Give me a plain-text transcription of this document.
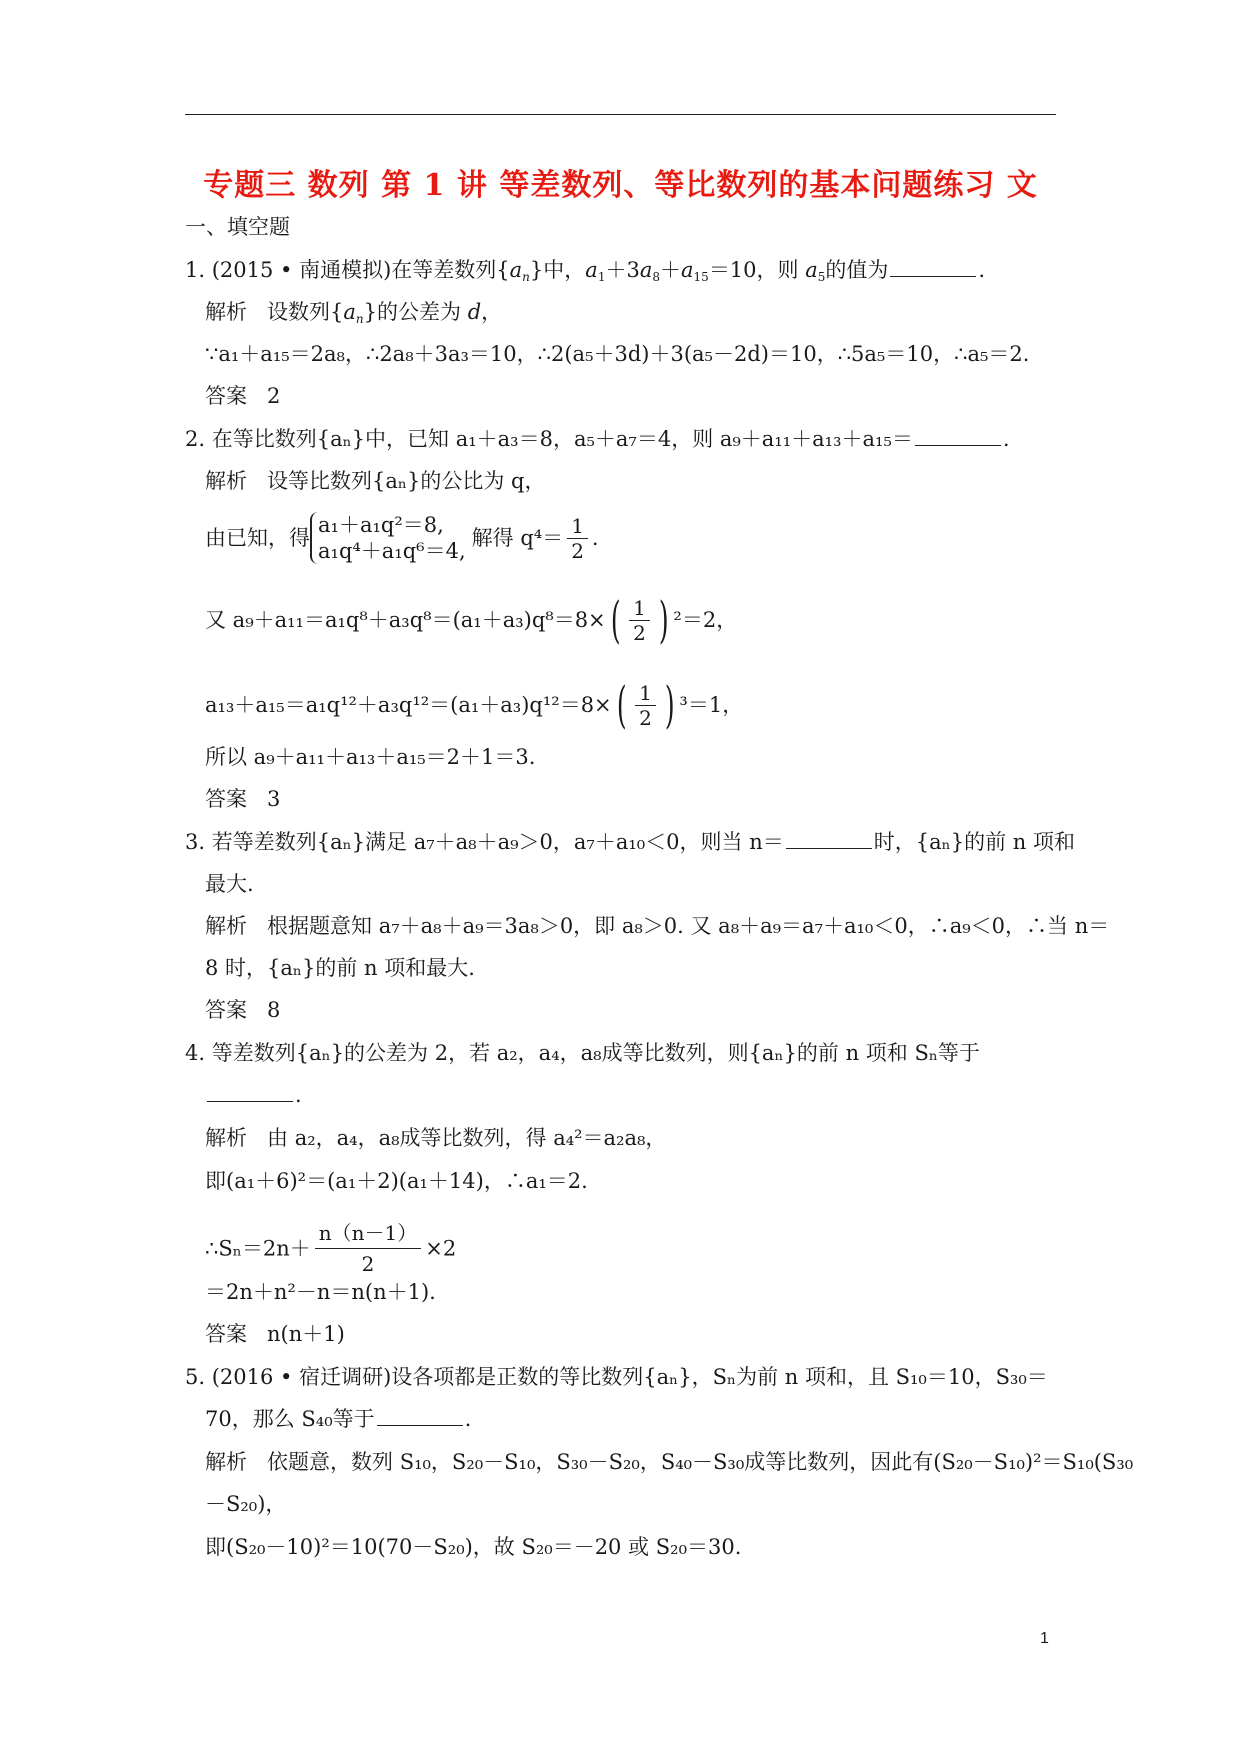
专题三 数列 第 1 讲 等差数列、等比数列的基本问题练习 文
一、填空题
1. (2015 • 南通模拟)在等差数列$\{a_n\}$中，$a_1+3a_8+a_{15}=10$，则 $a_5$的值为	.
解析   设数列$\{a_n\}$的公差为 d，
∵a₁＋a₁₅＝2a₈，∴2a₈＋3a₃＝10，∴2(a₅＋3d)＋3(a₅－2d)＝10，∴5a₅＝10，∴a₅＝2.
答案 2
2. 在等比数列{aₙ}中，已知 a₁＋a₃＝8，a₅＋a₇＝4，则 a₉＋a₁₁＋a₁₃＋a₁₅＝	.
解析 设等比数列{aₙ}的公比为 q，
由已知，得a₁＋a₁q²＝8,
a₁q⁴＋a₁q⁶＝4,解得 $q^4= \frac{1}{2}$ .
又 $a_9+a_{11}=a_1q^8+a_3q^8=(a_1+a_3)q^8=8\times( \frac{1}{2}$ ) ²＝2，
$a_{13}+a_{15}=a_1q^{12}+a_3q^{12}=(a_1+a_3)q^{12}=8\times( \frac{1}{2}$ ) ³＝1，
所以 a₉＋a₁₁＋a₁₃＋a₁₅＝2＋1＝3.
答案 3
3. 若等差数列{aₙ}满足 a₇＋a₈＋a₉＞0，a₇＋a₁₀＜0，则当 n＝	时，{aₙ}的前 n 项和
最大.
解析 根据题意知 a₇＋a₈＋a₉＝3a₈＞0，即 a₈＞0. 又 a₈＋a₉＝a₇＋a₁₀＜0，∴a₉＜0，∴当 n＝
8 时，{aₙ}的前 n 项和最大.
答案 8
4. 等差数列{aₙ}的公差为 2，若 a₂，a₄，a₈成等比数列，则{aₙ}的前 n 项和 Sₙ等于
.
解析 由 a₂，a₄，a₈成等比数列，得 a₄²＝a₂a₈，
即(a₁＋6)²＝(a₁＋2)(a₁＋14)，∴a₁＝2.
∴Sₙ＝2n＋ $\frac{n(n-1)}{2} \times 2$
＝2n＋n²－n＝n(n＋1).
答案 n(n＋1)
5. (2016 • 宿迁调研)设各项都是正数的等比数列{aₙ}，Sₙ为前 n 项和，且 S₁₀＝10，S₃₀＝
70，那么 S₄₀等于	.
解析 依题意，数列 S₁₀，S₂₀－S₁₀，S₃₀－S₂₀，S₄₀－S₃₀成等比数列，因此有(S₂₀－S₁₀)²＝S₁₀(S₃₀
－S₂₀)，
即(S₂₀－10)²＝10(70－S₂₀)，故 S₂₀＝－20 或 S₂₀＝30.
1
